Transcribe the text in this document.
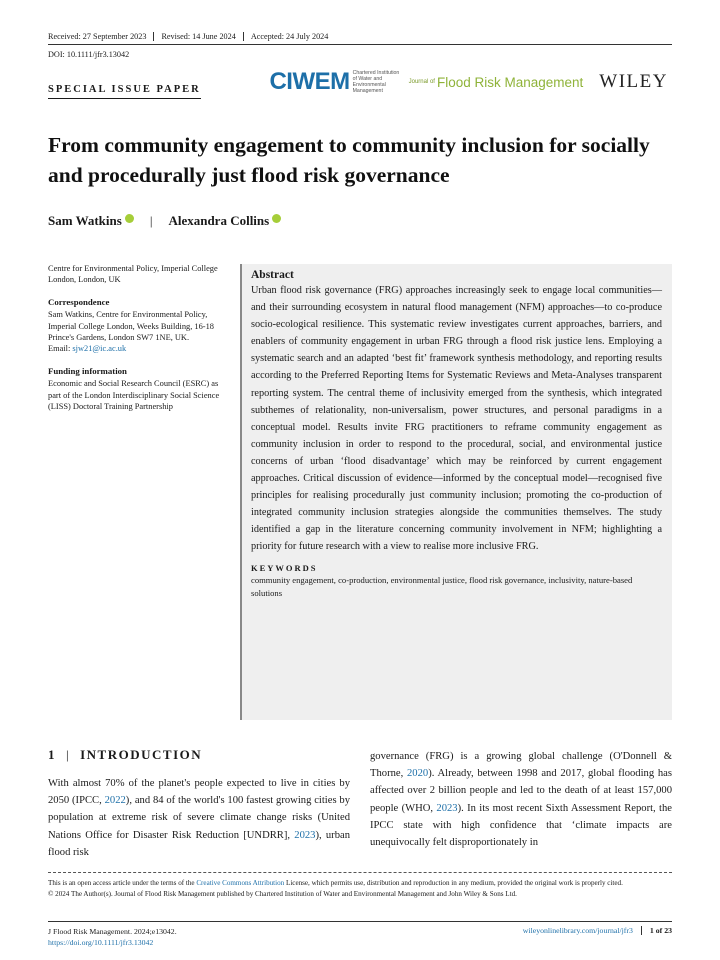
Received: 27 September 2023	Revised: 14 June 2024	Accepted: 24 July 2024
DOI: 10.1111/jfr3.13042
SPECIAL ISSUE PAPER	CIWEM Chartered Institution of Water and Environmental Management
Journal of Flood Risk Management WILEY
From community engagement to community inclusion for socially and procedurally just flood risk governance
Sam Watkins | Alexandra Collins
Centre for Environmental Policy, Imperial College London, London, UK
Correspondence
Sam Watkins, Centre for Environmental Policy, Imperial College London, Weeks Building, 16-18 Prince's Gardens, London SW7 1NE, UK.
Email: sjw21@ic.ac.uk
Funding information
Economic and Social Research Council (ESRC) as part of the London Interdisciplinary Social Science (LISS) Doctoral Training Partnership
Abstract

Urban flood risk governance (FRG) approaches increasingly seek to engage local communities—and their surrounding ecosystem in natural flood management (NFM) approaches—to co-produce socio-ecological resilience. This systematic review investigates current approaches, barriers, and enablers of community engagement in urban FRG through a flood risk justice lens. Employing a systematic search and an adapted ‘best fit’ framework synthesis methodology, and reporting results according to the Preferred Reporting Items for Systematic Reviews and Meta-Analyses transparent reporting system. The central theme of inclusivity emerged from the synthesis, which integrated subthemes of relationality, non-universalism, power structures, and personal paradigms in a conceptual model. Results invite FRG practitioners to reframe community engagement as community inclusion in order to respond to the procedural, social, and environmental justice concerns of urban ‘flood disadvantage’ which may be reinforced by current engagement approaches. Critical discussion of evidence—informed by the conceptual model—recognised five principles for realising procedurally just community inclusion; promoting the co-production of integrated community inclusion strategies alongside the communities themselves. The study identified a gap in the literature concerning community involvement in NFM; highlighting a priority for future research with a view to realise more inclusive FRG.

KEYWORDS
community engagement, co-production, environmental justice, flood risk governance, inclusivity, nature-based solutions
1 | INTRODUCTION

With almost 70% of the planet's people expected to live in cities by 2050 (IPCC, 2022), and 84 of the world's 100 fastest growing cities by population at extreme risk of severe climate change risks (United Nations Office for Disaster Risk Reduction [UNDRR], 2023), urban flood risk

governance (FRG) is a growing global challenge (O'Donnell & Thorne, 2020). Already, between 1998 and 2017, global flooding has affected over 2 billion people and led to the death of at least 157,000 people (WHO, 2023). In its most recent Sixth Assessment Report, the IPCC state with high confidence that ‘climate impacts are unequivocally felt disproportionately in

This is an open access article under the terms of the Creative Commons Attribution License, which permits use, distribution and reproduction in any medium, provided the original work is properly cited.
© 2024 The Author(s). Journal of Flood Risk Management published by Chartered Institution of Water and Environmental Management and John Wiley & Sons Ltd.
J Flood Risk Management. 2024;e13042.
https://doi.org/10.1111/jfr3.13042
wileyonlinelibrary.com/journal/jfr3	1 of 23
